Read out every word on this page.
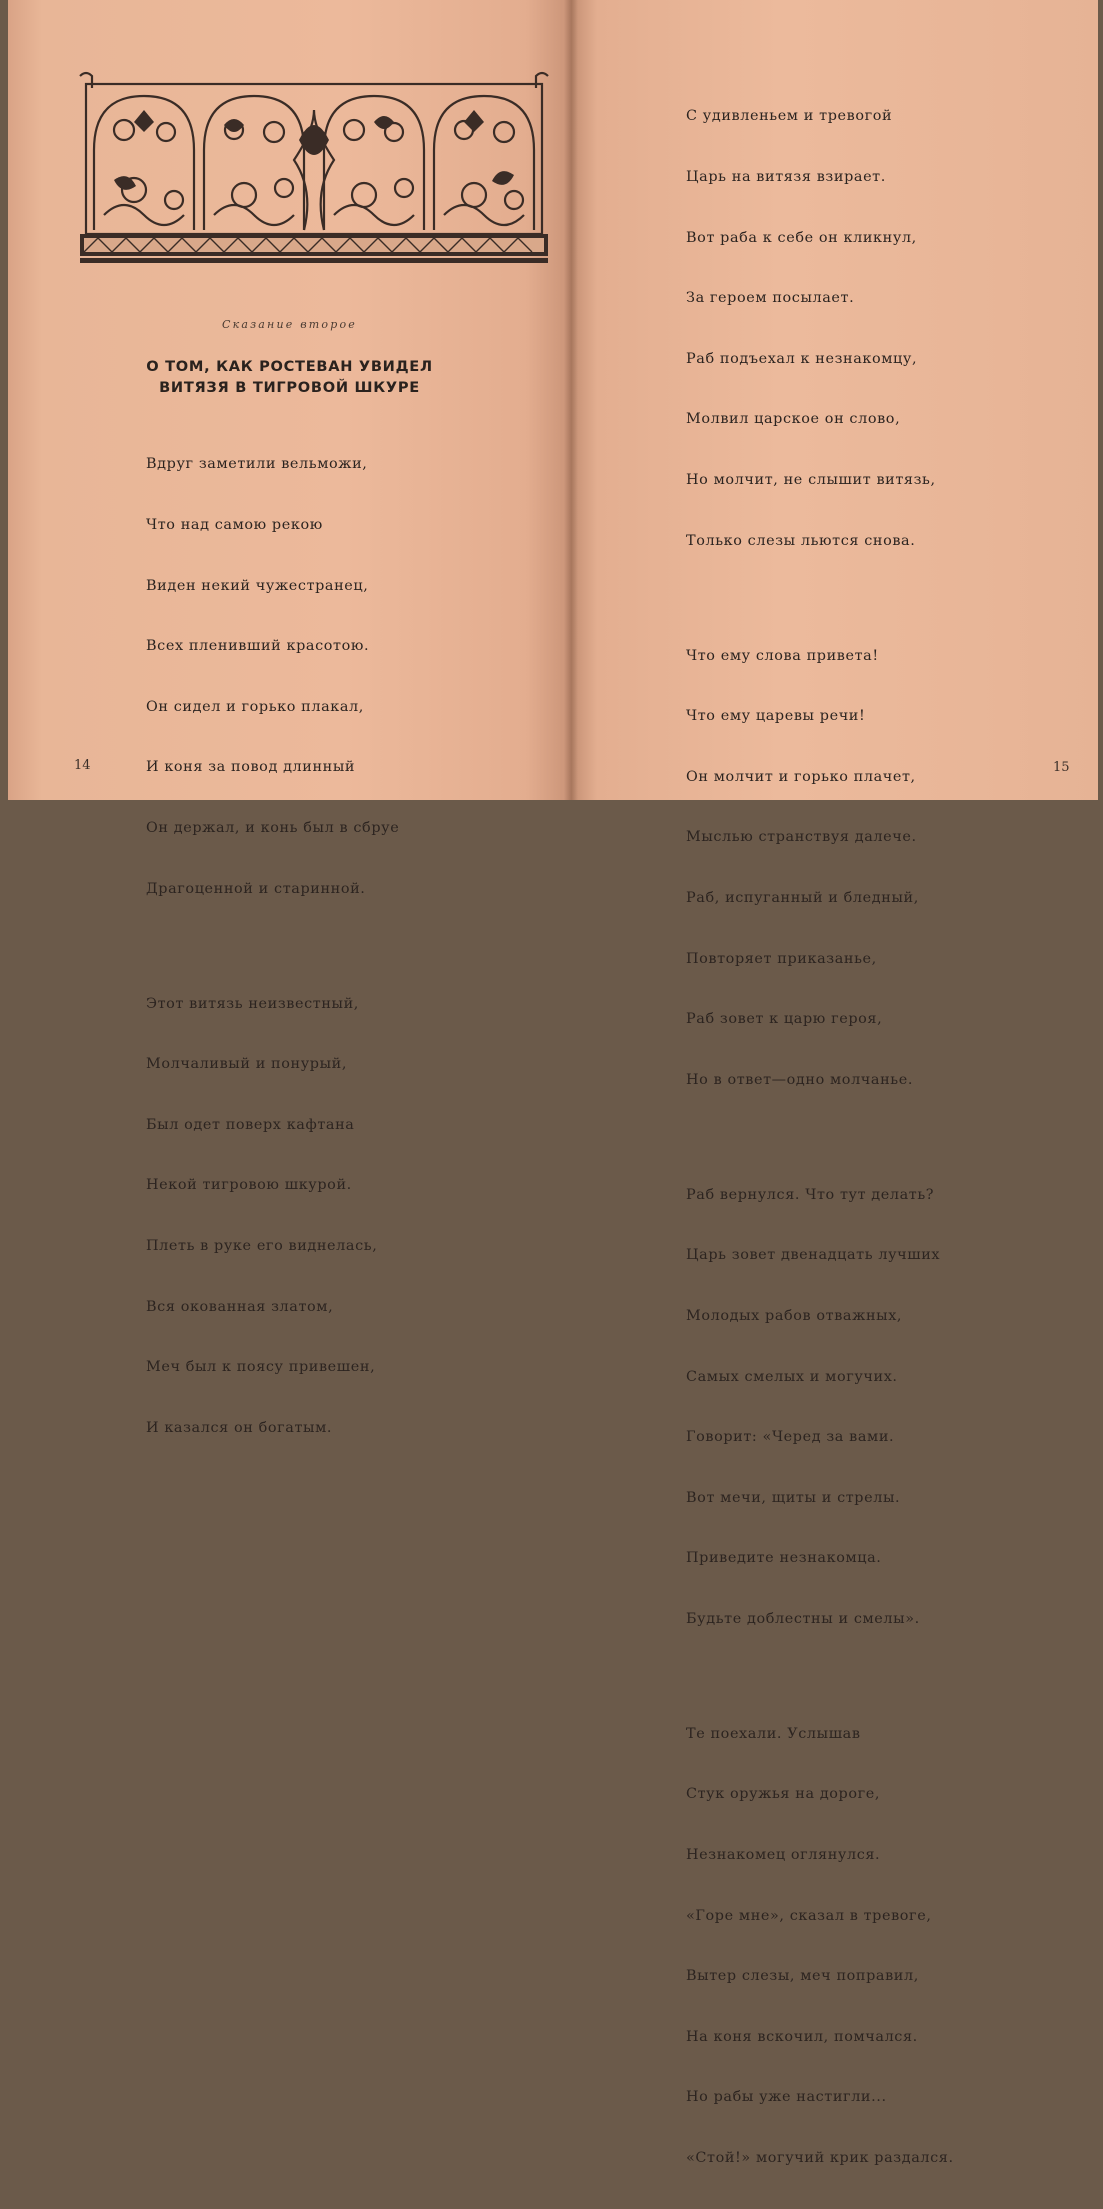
Сказание второе
О ТОМ, КАК РОСТЕВАН УВИДЕЛ
ВИТЯЗЯ В ТИГРОВОЙ ШКУРЕ

Вдруг заметили вельможи,

Что над самою рекою

Виден некий чужестранец,

Всех пленивший красотою.

Он сидел и горько плакал,

И коня за повод длинный

Он держал, и конь был в сбруе

Драгоценной и старинной.

Этот витязь неизвестный,

Молчаливый и понурый,

Был одет поверх кафтана

Некой тигровою шкурой.

Плеть в руке его виднелась,

Вся окованная златом,

Меч был к поясу привешен,

И казался он богатым.

14

С удивленьем и тревогой

Царь на витязя взирает.

Вот раба к себе он кликнул,

За героем посылает.

Раб подъехал к незнакомцу,

Молвил царское он слово,

Но молчит, не слышит витязь,

Только слезы льются снова.

Что ему слова привета!

Что ему царевы речи!

Он молчит и горько плачет,

Мыслью странствуя далече.

Раб, испуганный и бледный,

Повторяет приказанье,

Раб зовет к царю героя,

Но в ответ—одно молчанье.

Раб вернулся. Что тут делать?

Царь зовет двенадцать лучших

Молодых рабов отважных,

Самых смелых и могучих.

Говорит: «Черед за вами.

Вот мечи, щиты и стрелы.

Приведите незнакомца.

Будьте доблестны и смелы».

Те поехали. Услышав

Стук оружья на дороге,

Незнакомец оглянулся.

«Горе мне», сказал в тревоге,

Вытер слезы, меч поправил,

На коня вскочил, помчался.

Но рабы уже настигли...

«Стой!» могучий крик раздался.

15
